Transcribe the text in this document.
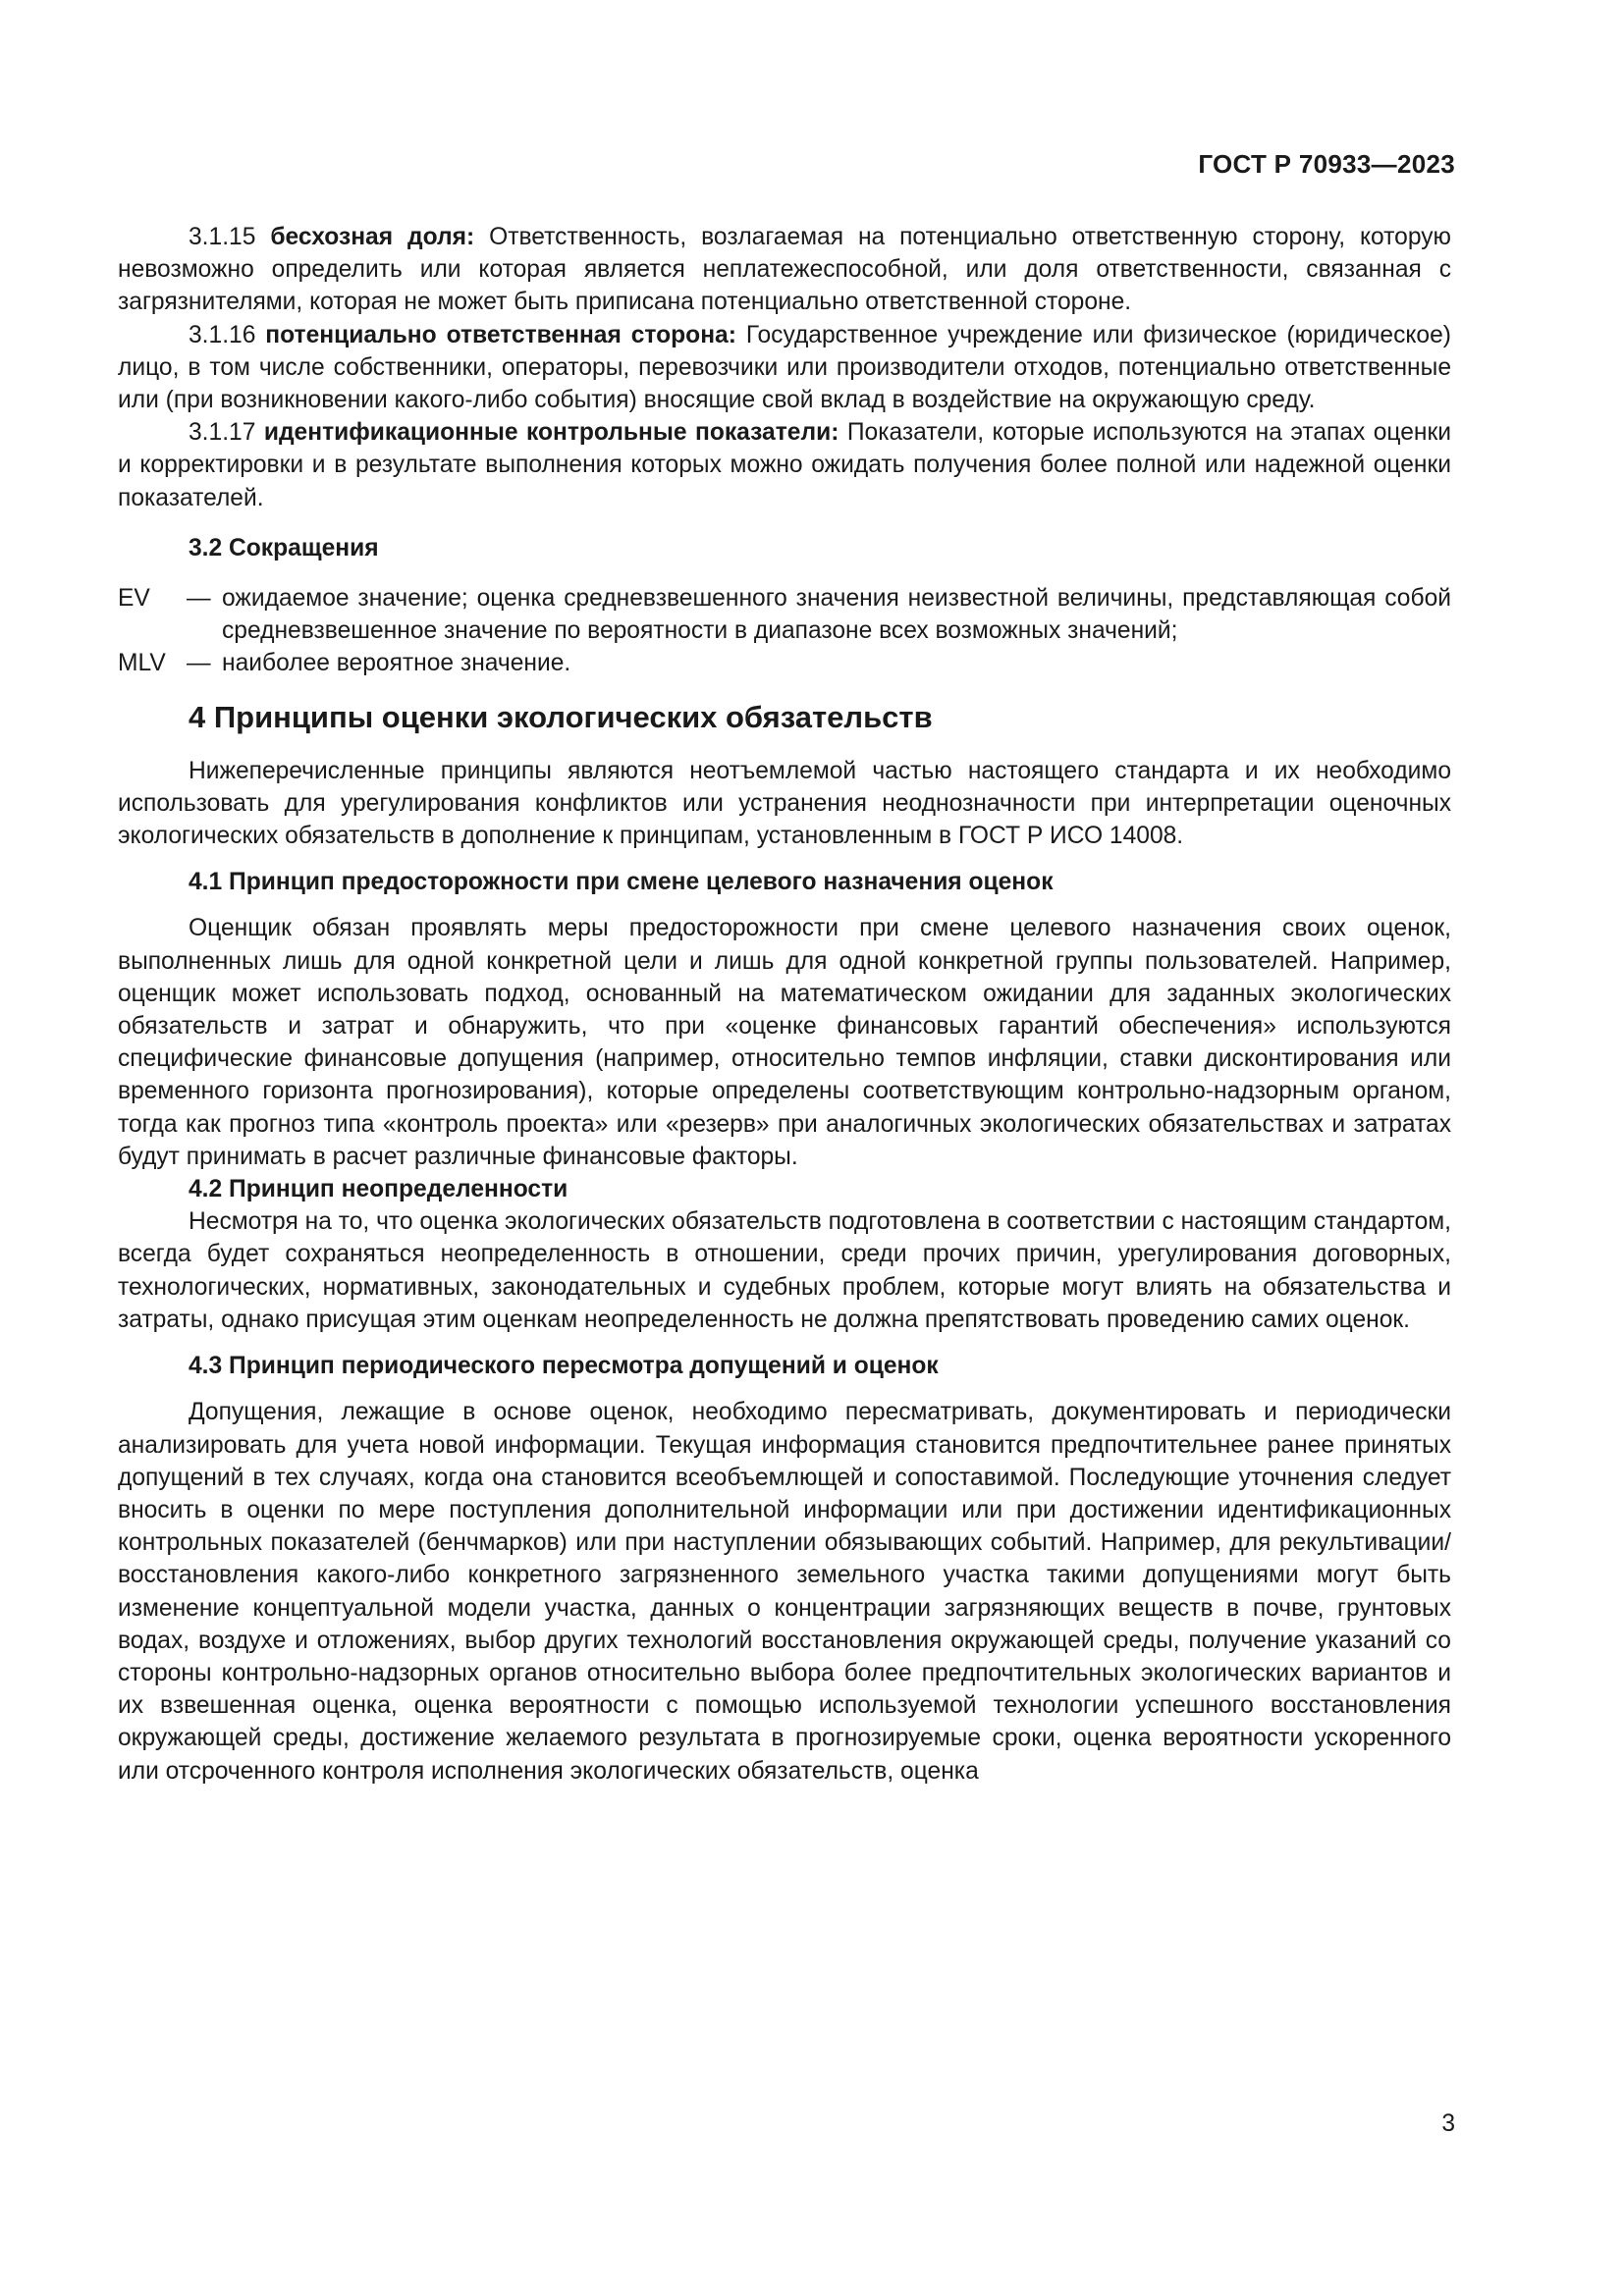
ГОСТ Р 70933—2023

3.1.15 бесхозная доля: Ответственность, возлагаемая на потенциально ответственную сторону, которую невозможно определить или которая является неплатежеспособной, или доля ответственности, связанная с загрязнителями, которая не может быть приписана потенциально ответственной стороне.

3.1.16 потенциально ответственная сторона: Государственное учреждение или физическое (юридическое) лицо, в том числе собственники, операторы, перевозчики или производители отходов, потенциально ответственные или (при возникновении какого-либо события) вносящие свой вклад в воздействие на окружающую среду.

3.1.17 идентификационные контрольные показатели: Показатели, которые используются на этапах оценки и корректировки и в результате выполнения которых можно ожидать получения более полной или надежной оценки показателей.

3.2 Сокращения

EV	— ожидаемое значение; оценка средневзвешенного значения неизвестной величины, представляющая собой средневзвешенное значение по вероятности в диапазоне всех возможных значений;
MLV — наиболее вероятное значение.
4 Принципы оценки экологических обязательств

Нижеперечисленные принципы являются неотъемлемой частью настоящего стандарта и их необходимо использовать для урегулирования конфликтов или устранения неоднозначности при интерпретации оценочных экологических обязательств в дополнение к принципам, установленным в ГОСТ Р ИСО 14008.

4.1 Принцип предосторожности при смене целевого назначения оценок

Оценщик обязан проявлять меры предосторожности при смене целевого назначения своих оценок, выполненных лишь для одной конкретной цели и лишь для одной конкретной группы пользователей. Например, оценщик может использовать подход, основанный на математическом ожидании для заданных экологических обязательств и затрат и обнаружить, что при «оценке финансовых гарантий обеспечения» используются специфические финансовые допущения (например, относительно темпов инфляции, ставки дисконтирования или временного горизонта прогнозирования), которые определены соответствующим контрольно-надзорным органом, тогда как прогноз типа «контроль проекта» или «резерв» при аналогичных экологических обязательствах и затратах будут принимать в расчет различные финансовые факторы.

4.2 Принцип неопределенности

Несмотря на то, что оценка экологических обязательств подготовлена в соответствии с настоящим стандартом, всегда будет сохраняться неопределенность в отношении, среди прочих причин, урегулирования договорных, технологических, нормативных, законодательных и судебных проблем, которые могут влиять на обязательства и затраты, однако присущая этим оценкам неопределенность не должна препятствовать проведению самих оценок.

4.3 Принцип периодического пересмотра допущений и оценок

Допущения, лежащие в основе оценок, необходимо пересматривать, документировать и периодически анализировать для учета новой информации. Текущая информация становится предпочтительнее ранее принятых допущений в тех случаях, когда она становится всеобъемлющей и сопоставимой. Последующие уточнения следует вносить в оценки по мере поступления дополнительной информации или при достижении идентификационных контрольных показателей (бенчмарков) или при наступлении обязывающих событий. Например, для рекультивации/восстановления какого-либо конкретного загрязненного земельного участка такими допущениями могут быть изменение концептуальной модели участка, данных о концентрации загрязняющих веществ в почве, грунтовых водах, воздухе и отложениях, выбор других технологий восстановления окружающей среды, получение указаний со стороны контрольно-надзорных органов относительно выбора более предпочтительных экологических вариантов и их взвешенная оценка, оценка вероятности с помощью используемой технологии успешного восстановления окружающей среды, достижение желаемого результата в прогнозируемые сроки, оценка вероятности ускоренного или отсроченного контроля исполнения экологических обязательств, оценка

3
